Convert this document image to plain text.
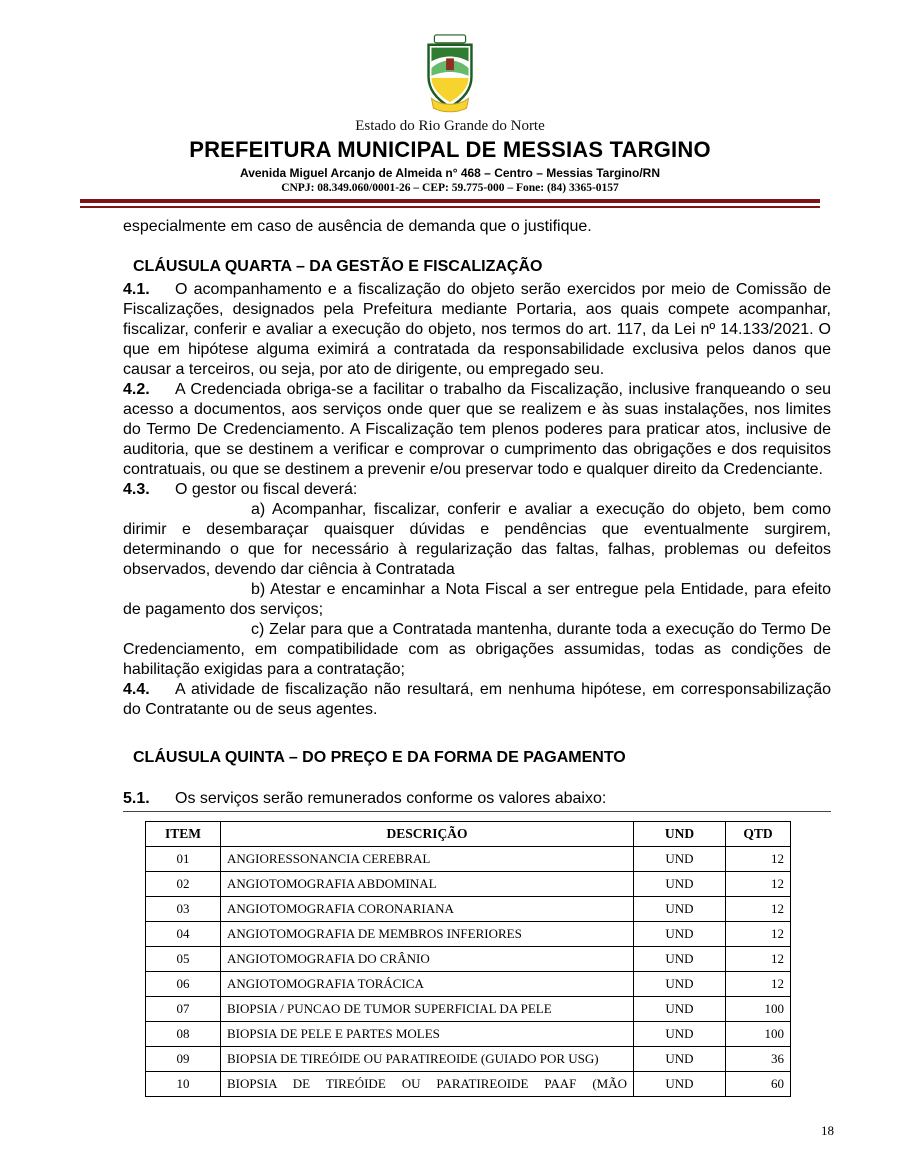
Estado do Rio Grande do Norte
PREFEITURA MUNICIPAL DE MESSIAS TARGINO
Avenida Miguel Arcanjo de Almeida n° 468 – Centro – Messias Targino/RN
CNPJ: 08.349.060/0001-26 – CEP: 59.775-000 – Fone: (84) 3365-0157

especialmente em caso de ausência de demanda que o justifique.

CLÁUSULA QUARTA – DA GESTÃO E FISCALIZAÇÃO

4.1. O acompanhamento e a fiscalização do objeto serão exercidos por meio de Comissão de Fiscalizações, designados pela Prefeitura mediante Portaria, aos quais compete acompanhar, fiscalizar, conferir e avaliar a execução do objeto, nos termos do art. 117, da Lei nº 14.133/2021. O que em hipótese alguma eximirá a contratada da responsabilidade exclusiva pelos danos que causar a terceiros, ou seja, por ato de dirigente, ou empregado seu.

4.2. A Credenciada obriga-se a facilitar o trabalho da Fiscalização, inclusive franqueando o seu acesso a documentos, aos serviços onde quer que se realizem e às suas instalações, nos limites do Termo De Credenciamento. A Fiscalização tem plenos poderes para praticar atos, inclusive de auditoria, que se destinem a verificar e comprovar o cumprimento das obrigações e dos requisitos contratuais, ou que se destinem a prevenir e/ou preservar todo e qualquer direito da Credenciante.

4.3. O gestor ou fiscal deverá:

a) Acompanhar, fiscalizar, conferir e avaliar a execução do objeto, bem como dirimir e desembaraçar quaisquer dúvidas e pendências que eventualmente surgirem, determinando o que for necessário à regularização das faltas, falhas, problemas ou defeitos observados, devendo dar ciência à Contratada

b) Atestar e encaminhar a Nota Fiscal a ser entregue pela Entidade, para efeito de pagamento dos serviços;

c) Zelar para que a Contratada mantenha, durante toda a execução do Termo De Credenciamento, em compatibilidade com as obrigações assumidas, todas as condições de habilitação exigidas para a contratação;

4.4. A atividade de fiscalização não resultará, em nenhuma hipótese, em corresponsabilização do Contratante ou de seus agentes.

CLÁUSULA QUINTA – DO PREÇO E DA FORMA DE PAGAMENTO

5.1. Os serviços serão remunerados conforme os valores abaixo:

ITEM	DESCRIÇÃO	UND	QTD
01	ANGIORESSONANCIA CEREBRAL	UND	12
02	ANGIOTOMOGRAFIA ABDOMINAL	UND	12
03	ANGIOTOMOGRAFIA CORONARIANA	UND	12
04	ANGIOTOMOGRAFIA DE MEMBROS INFERIORES	UND	12
05	ANGIOTOMOGRAFIA DO CRÂNIO	UND	12
06	ANGIOTOMOGRAFIA TORÁCICA	UND	12
07	BIOPSIA / PUNCAO DE TUMOR SUPERFICIAL DA PELE	UND	100
08	BIOPSIA DE PELE E PARTES MOLES	UND	100
09	BIOPSIA DE TIREÓIDE OU PARATIREOIDE (GUIADO POR USG)	UND	36
10	BIOPSIA DE TIREÓIDE OU PARATIREOIDE PAAF (MÃO	UND	60
18
